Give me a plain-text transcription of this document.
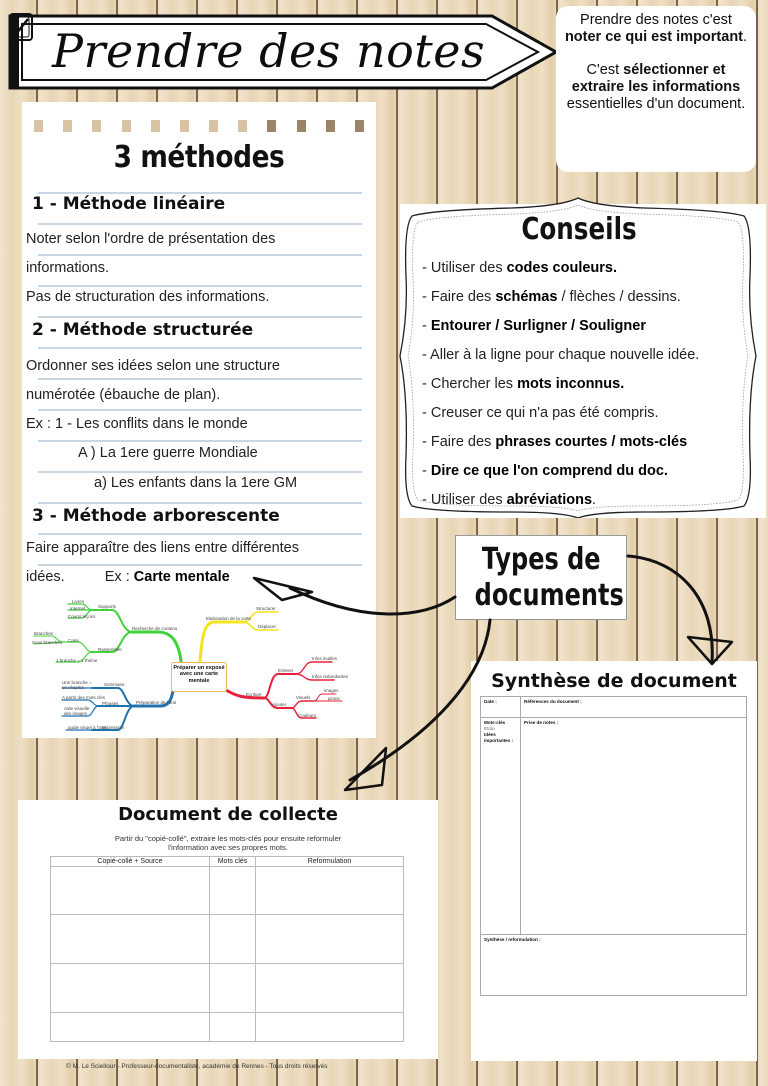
Prendre des notes

Prendre des notes c'est
noter ce qui est important.

C'est sélectionner et extraire les informations essentielles d'un document.

3 méthodes
1 - Méthode linéaire
Noter selon l'ordre de présentation des
informations.
Pas de structuration des informations.
2 - Méthode structurée
Ordonner ses idées selon une structure
numérotée (ébauche de plan).
Ex : 1 - Les conflits dans le monde
A ) La 1ere guerre Mondiale
a) Les enfants dans la 1ere GM
3 - Méthode arborescente
Faire apparaître des liens entre différentes
idées.	Ex : Carte mentale
Livres
Internet
Cours/ leçons
Supports
Recherche de contenu
Branches
Sous branches Carte
Rassembler
1 branche = 1 thème
Une branche = un chapitre
Sommaire
A partir des mots clés
Phrases
Aide visuelle des images
Préparation de l'oral
guide visuel à l'oral
Impression
Elaboration de la carte
Structurer
Déplacer
Ecriture
Enlever
Infos inutiles
Infos redondantes
Ajouter
Visuels
images
pictos
Couleurs
Préparer un exposé avec une carte mentale
Conseils
- Utiliser des codes couleurs.
- Faire des schémas / flèches / dessins.
- Entourer / Surligner / Souligner
- Aller à la ligne pour chaque nouvelle idée.
- Chercher les mots inconnus.
- Creuser ce qui n'a pas été compris.
- Faire des phrases courtes / mots-clés
- Dire ce que l'on comprend du doc.
- Utiliser des abréviations.
Synthèse de document
Date :	Références du document :
Mots-clés
Et/ou
Idées importantes :
Prise de notes :
Synthèse / reformulation :
Document de collecte
Partir du "copié-collé", extraire les mots-clés pour ensuite reformuler
l'information avec ses propres mots.
Copié-collé + Source	Mots clés	Reformulation

Types de
documents
© M. Le Sciellour - Professeur-documentaliste, académie de Rennes - Tous droits réservés
